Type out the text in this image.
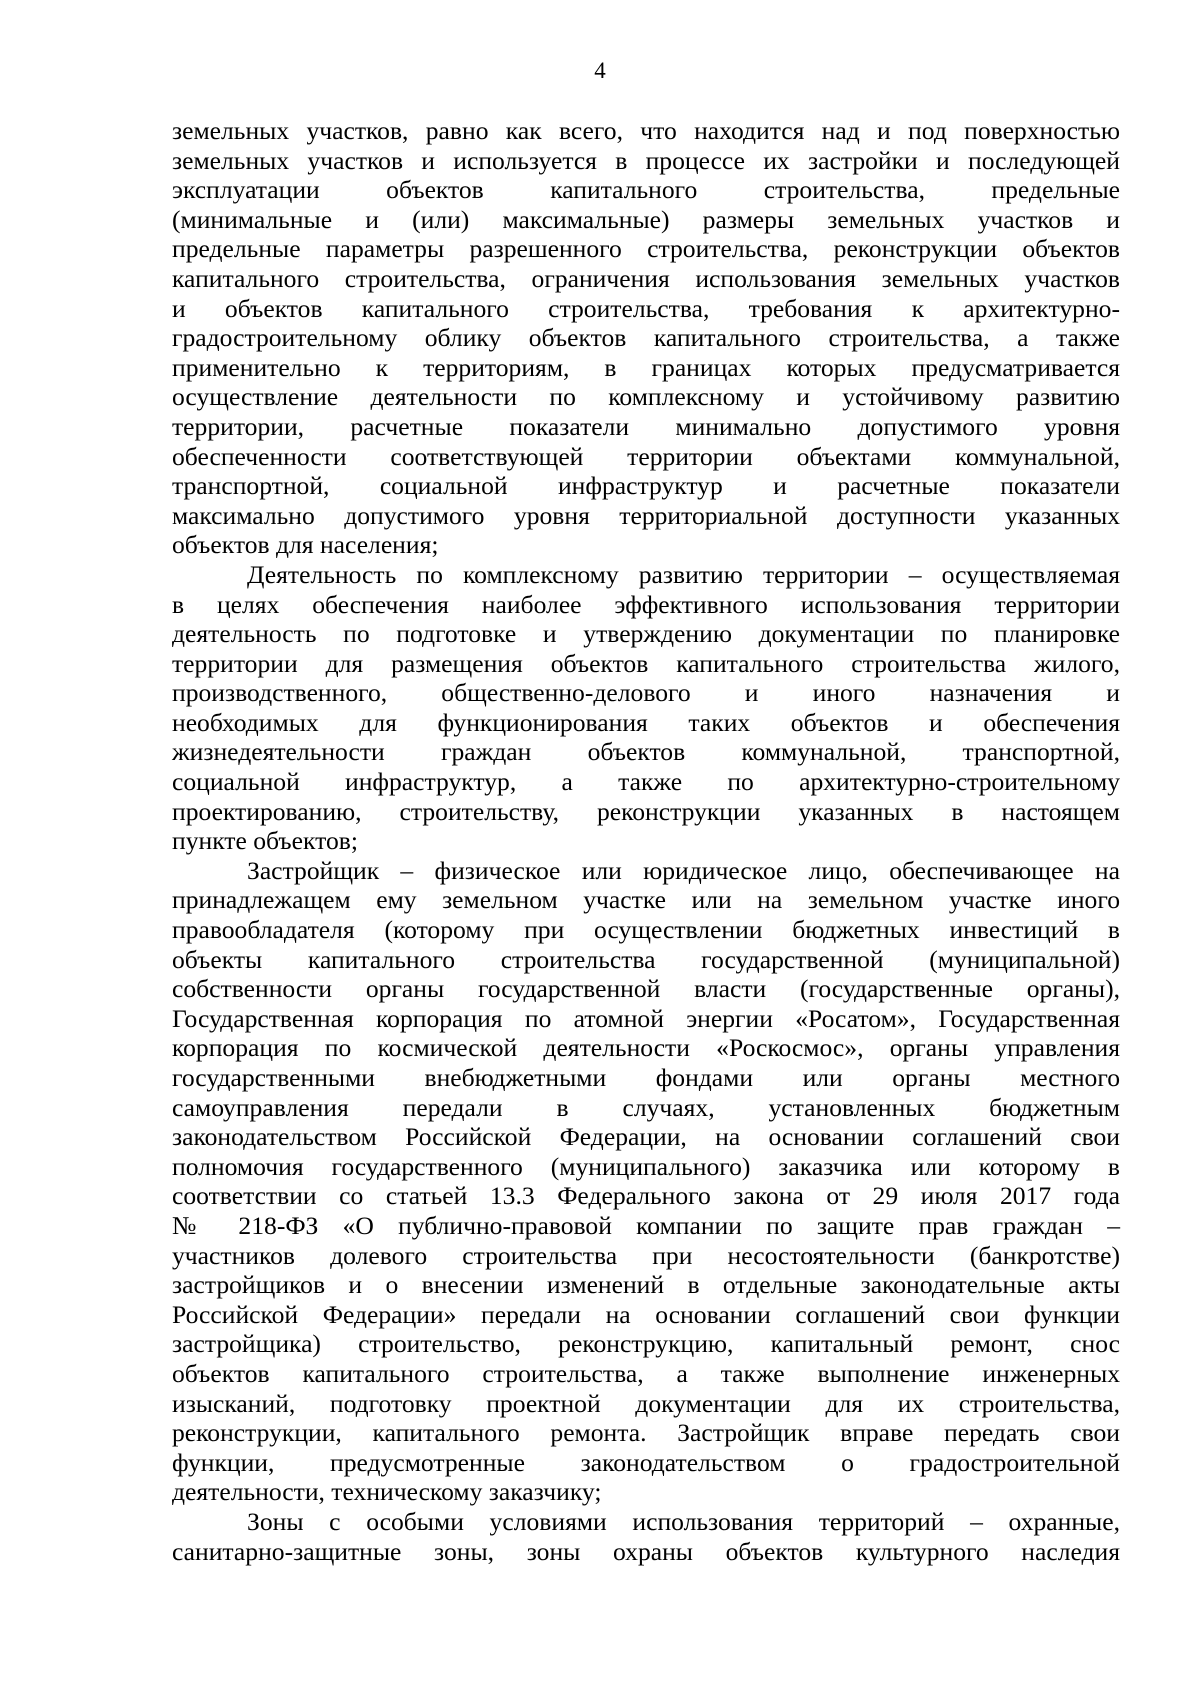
4
земельных участков, равно как всего, что находится над и под поверхностью
земельных участков и используется в процессе их застройки и последующей
эксплуатации объектов капитального строительства, предельные
(минимальные и (или) максимальные) размеры земельных участков и
предельные параметры разрешенного строительства, реконструкции объектов
капитального строительства, ограничения использования земельных участков
и объектов капитального строительства, требования к архитектурно-
градостроительному облику объектов капитального строительства, а также
применительно к территориям, в границах которых предусматривается
осуществление деятельности по комплексному и устойчивому развитию
территории, расчетные показатели минимально допустимого уровня
обеспеченности соответствующей территории объектами коммунальной,
транспортной, социальной инфраструктур и расчетные показатели
максимально допустимого уровня территориальной доступности указанных
объектов для населения;
Деятельность по комплексному развитию территории – осуществляемая
в целях обеспечения наиболее эффективного использования территории
деятельность по подготовке и утверждению документации по планировке
территории для размещения объектов капитального строительства жилого,
производственного, общественно-делового и иного назначения и
необходимых для функционирования таких объектов и обеспечения
жизнедеятельности граждан объектов коммунальной, транспортной,
социальной инфраструктур, а также по архитектурно-строительному
проектированию, строительству, реконструкции указанных в настоящем
пункте объектов;
Застройщик – физическое или юридическое лицо, обеспечивающее на
принадлежащем ему земельном участке или на земельном участке иного
правообладателя (которому при осуществлении бюджетных инвестиций в
объекты капитального строительства государственной (муниципальной)
собственности органы государственной власти (государственные органы),
Государственная корпорация по атомной энергии «Росатом», Государственная
корпорация по космической деятельности «Роскосмос», органы управления
государственными внебюджетными фондами или органы местного
самоуправления передали в случаях, установленных бюджетным
законодательством Российской Федерации, на основании соглашений свои
полномочия государственного (муниципального) заказчика или которому в
соответствии со статьей 13.3 Федерального закона от 29 июля 2017 года
№ 218-ФЗ «О публично-правовой компании по защите прав граждан –
участников долевого строительства при несостоятельности (банкротстве)
застройщиков и о внесении изменений в отдельные законодательные акты
Российской Федерации» передали на основании соглашений свои функции
застройщика) строительство, реконструкцию, капитальный ремонт, снос
объектов капитального строительства, а также выполнение инженерных
изысканий, подготовку проектной документации для их строительства,
реконструкции, капитального ремонта. Застройщик вправе передать свои
функции, предусмотренные законодательством о градостроительной
деятельности, техническому заказчику;
Зоны с особыми условиями использования территорий – охранные,
санитарно-защитные зоны, зоны охраны объектов культурного наследия
